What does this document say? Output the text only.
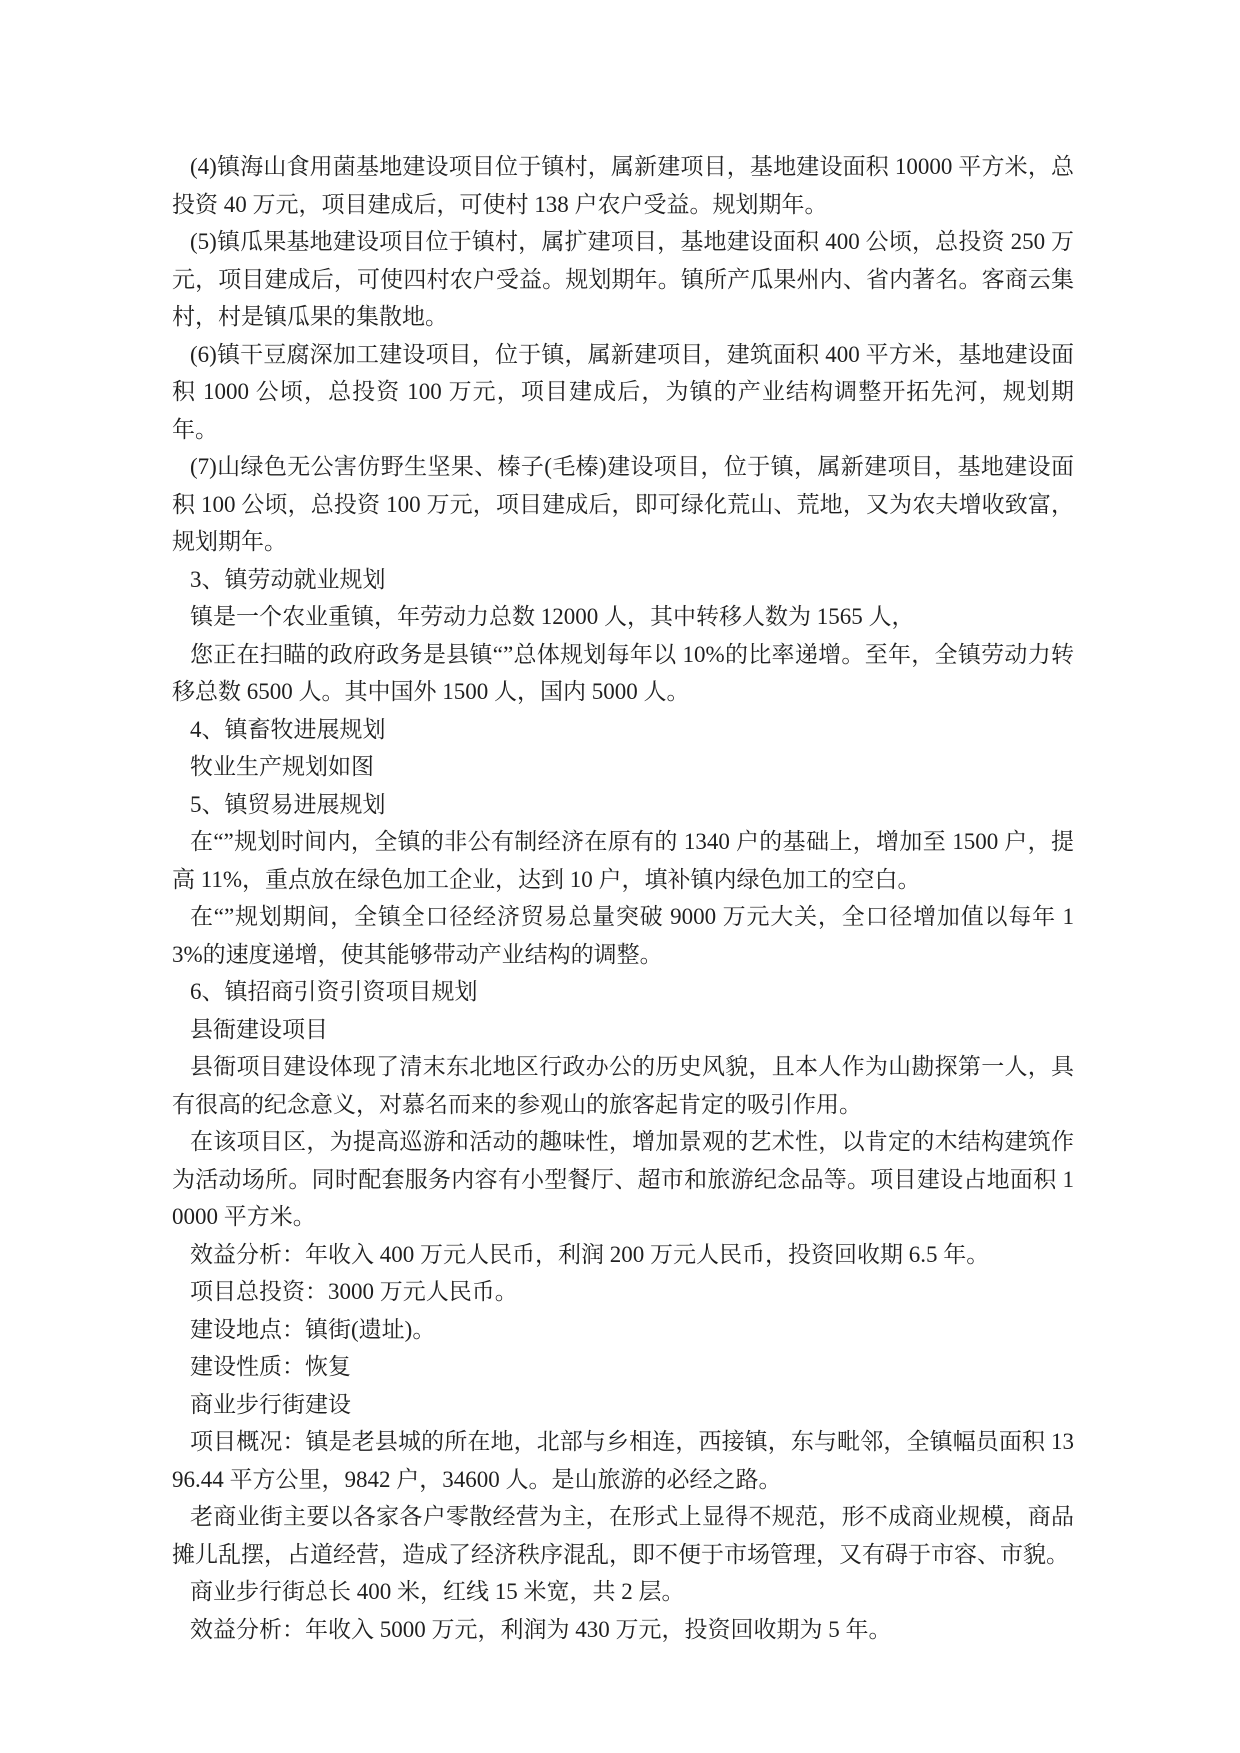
(4)镇海山食用菌基地建设项目位于镇村，属新建项目，基地建设面积 10000 平方米，总投资 40 万元，项目建成后，可使村 138 户农户受益。规划期年。

(5)镇瓜果基地建设项目位于镇村，属扩建项目，基地建设面积 400 公顷，总投资 250 万元，项目建成后，可使四村农户受益。规划期年。镇所产瓜果州内、省内著名。客商云集村，村是镇瓜果的集散地。

(6)镇干豆腐深加工建设项目，位于镇，属新建项目，建筑面积 400 平方米，基地建设面积 1000 公顷，总投资 100 万元，项目建成后，为镇的产业结构调整开拓先河，规划期年。

(7)山绿色无公害仿野生坚果、榛子(毛榛)建设项目，位于镇，属新建项目，基地建设面积 100 公顷，总投资 100 万元，项目建成后，即可绿化荒山、荒地，又为农夫增收致富，规划期年。

3、镇劳动就业规划

镇是一个农业重镇，年劳动力总数 12000 人，其中转移人数为 1565 人，

您正在扫瞄的政府政务是县镇“”总体规划每年以 10%的比率递增。至年，全镇劳动力转移总数 6500 人。其中国外 1500 人，国内 5000 人。

4、镇畜牧进展规划

牧业生产规划如图

5、镇贸易进展规划

在“”规划时间内，全镇的非公有制经济在原有的 1340 户的基础上，增加至 1500 户，提高 11%，重点放在绿色加工企业，达到 10 户，填补镇内绿色加工的空白。

在“”规划期间，全镇全口径经济贸易总量突破 9000 万元大关，全口径增加值以每年 13%的速度递增，使其能够带动产业结构的调整。

6、镇招商引资引资项目规划

县衙建设项目

县衙项目建设体现了清末东北地区行政办公的历史风貌，且本人作为山勘探第一人，具有很高的纪念意义，对慕名而来的参观山的旅客起肯定的吸引作用。

在该项目区，为提高巡游和活动的趣味性，增加景观的艺术性，以肯定的木结构建筑作为活动场所。同时配套服务内容有小型餐厅、超市和旅游纪念品等。项目建设占地面积 10000 平方米。

效益分析：年收入 400 万元人民币，利润 200 万元人民币，投资回收期 6.5 年。

项目总投资：3000 万元人民币。

建设地点：镇街(遗址)。

建设性质：恢复

商业步行街建设

项目概况：镇是老县城的所在地，北部与乡相连，西接镇，东与毗邻，全镇幅员面积 1396.44 平方公里，9842 户，34600 人。是山旅游的必经之路。

老商业街主要以各家各户零散经营为主，在形式上显得不规范，形不成商业规模，商品摊儿乱摆，占道经营，造成了经济秩序混乱，即不便于市场管理，又有碍于市容、市貌。

商业步行街总长 400 米，红线 15 米宽，共 2 层。

效益分析：年收入 5000 万元，利润为 430 万元，投资回收期为 5 年。
